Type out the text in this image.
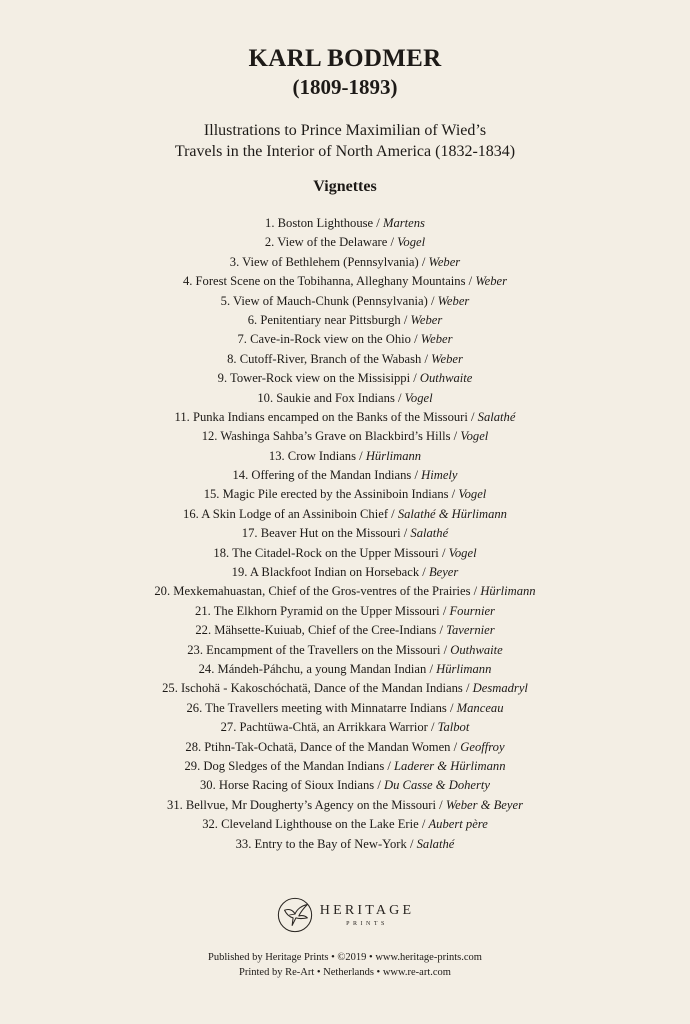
KARL BODMER
(1809-1893)
Illustrations to Prince Maximilian of Wied’s
Travels in the Interior of North America (1832-1834)
Vignettes
1. Boston Lighthouse / Martens
2. View of the Delaware / Vogel
3. View of Bethlehem (Pennsylvania) / Weber
4. Forest Scene on the Tobihanna, Alleghany Mountains / Weber
5. View of Mauch-Chunk (Pennsylvania) / Weber
6. Penitentiary near Pittsburgh / Weber
7. Cave-in-Rock view on the Ohio / Weber
8. Cutoff-River, Branch of the Wabash / Weber
9. Tower-Rock view on the Missisippi / Outhwaite
10. Saukie and Fox Indians / Vogel
11. Punka Indians encamped on the Banks of the Missouri / Salathé
12. Washinga Sahba’s Grave on Blackbird’s Hills / Vogel
13. Crow Indians / Hürlimann
14. Offering of the Mandan Indians / Himely
15. Magic Pile erected by the Assiniboin Indians / Vogel
16. A Skin Lodge of an Assiniboin Chief / Salathé & Hürlimann
17. Beaver Hut on the Missouri / Salathé
18. The Citadel-Rock on the Upper Missouri / Vogel
19. A Blackfoot Indian on Horseback / Beyer
20. Mexkemahuastan, Chief of the Gros-ventres of the Prairies / Hürlimann
21. The Elkhorn Pyramid on the Upper Missouri / Fournier
22. Mähsette-Kuiuab, Chief of the Cree-Indians / Tavernier
23. Encampment of the Travellers on the Missouri / Outhwaite
24. Mándeh-Páhchu, a young Mandan Indian / Hürlimann
25. Ischohä - Kakoschóchatä, Dance of the Mandan Indians / Desmadryl
26. The Travellers meeting with Minnatarre Indians / Manceau
27. Pachtüwa-Chtä, an Arrikkara Warrior / Talbot
28. Ptihn-Tak-Ochatä, Dance of the Mandan Women / Geoffroy
29. Dog Sledges of the Mandan Indians / Laderer & Hürlimann
30. Horse Racing of Sioux Indians / Du Casse & Doherty
31. Bellvue, Mr Dougherty’s Agency on the Missouri / Weber & Beyer
32. Cleveland Lighthouse on the Lake Erie / Aubert père
33. Entry to the Bay of New-York / Salathé
HERITAGE
PRINTS
Published by Heritage Prints • ©2019 • www.heritage-prints.com
Printed by Re-Art • Netherlands • www.re-art.com
